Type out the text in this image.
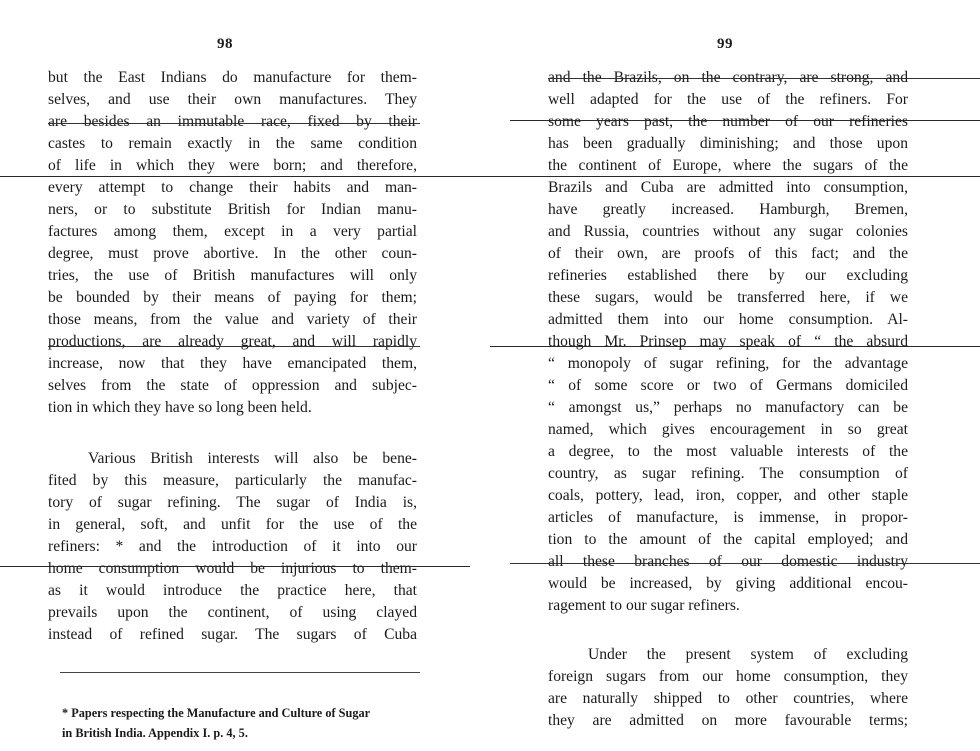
98
but the East Indians do manufacture for them-
selves, and use their own manufactures. They
are besides an immutable race, fixed by their
castes to remain exactly in the same condition
of life in which they were born; and therefore,
every attempt to change their habits and man-
ners, or to substitute British for Indian manu-
factures among them, except in a very partial
degree, must prove abortive. In the other coun-
tries, the use of British manufactures will only
be bounded by their means of paying for them;
those means, from the value and variety of their
productions, are already great, and will rapidly
increase, now that they have emancipated them,
selves from the state of oppression and subjec-
tion in which they have so long been held.
Various British interests will also be bene-
fited by this measure, particularly the manufac-
tory of sugar refining. The sugar of India is,
in general, soft, and unfit for the use of the
refiners: * and the introduction of it into our
home consumption would be injurious to them-
as it would introduce the practice here, that
prevails upon the continent, of using clayed
instead of refined sugar. The sugars of Cuba
* Papers respecting the Manufacture and Culture of Sugar
in British India. Appendix I. p. 4, 5.
99
and the Brazils, on the contrary, are strong, and
well adapted for the use of the refiners. For
some years past, the number of our refineries
has been gradually diminishing; and those upon
the continent of Europe, where the sugars of the
Brazils and Cuba are admitted into consumption,
have greatly increased. Hamburgh, Bremen,
and Russia, countries without any sugar colonies
of their own, are proofs of this fact; and the
refineries established there by our excluding
these sugars, would be transferred here, if we
admitted them into our home consumption. Al-
though Mr. Prinsep may speak of “ the absurd
“ monopoly of sugar refining, for the advantage
“ of some score or two of Germans domiciled
“ amongst us,” perhaps no manufactory can be
named, which gives encouragement in so great
a degree, to the most valuable interests of the
country, as sugar refining. The consumption of
coals, pottery, lead, iron, copper, and other staple
articles of manufacture, is immense, in propor-
tion to the amount of the capital employed; and
all these branches of our domestic industry
would be increased, by giving additional encou-
ragement to our sugar refiners.
Under the present system of excluding
foreign sugars from our home consumption, they
are naturally shipped to other countries, where
they are admitted on more favourable terms;
